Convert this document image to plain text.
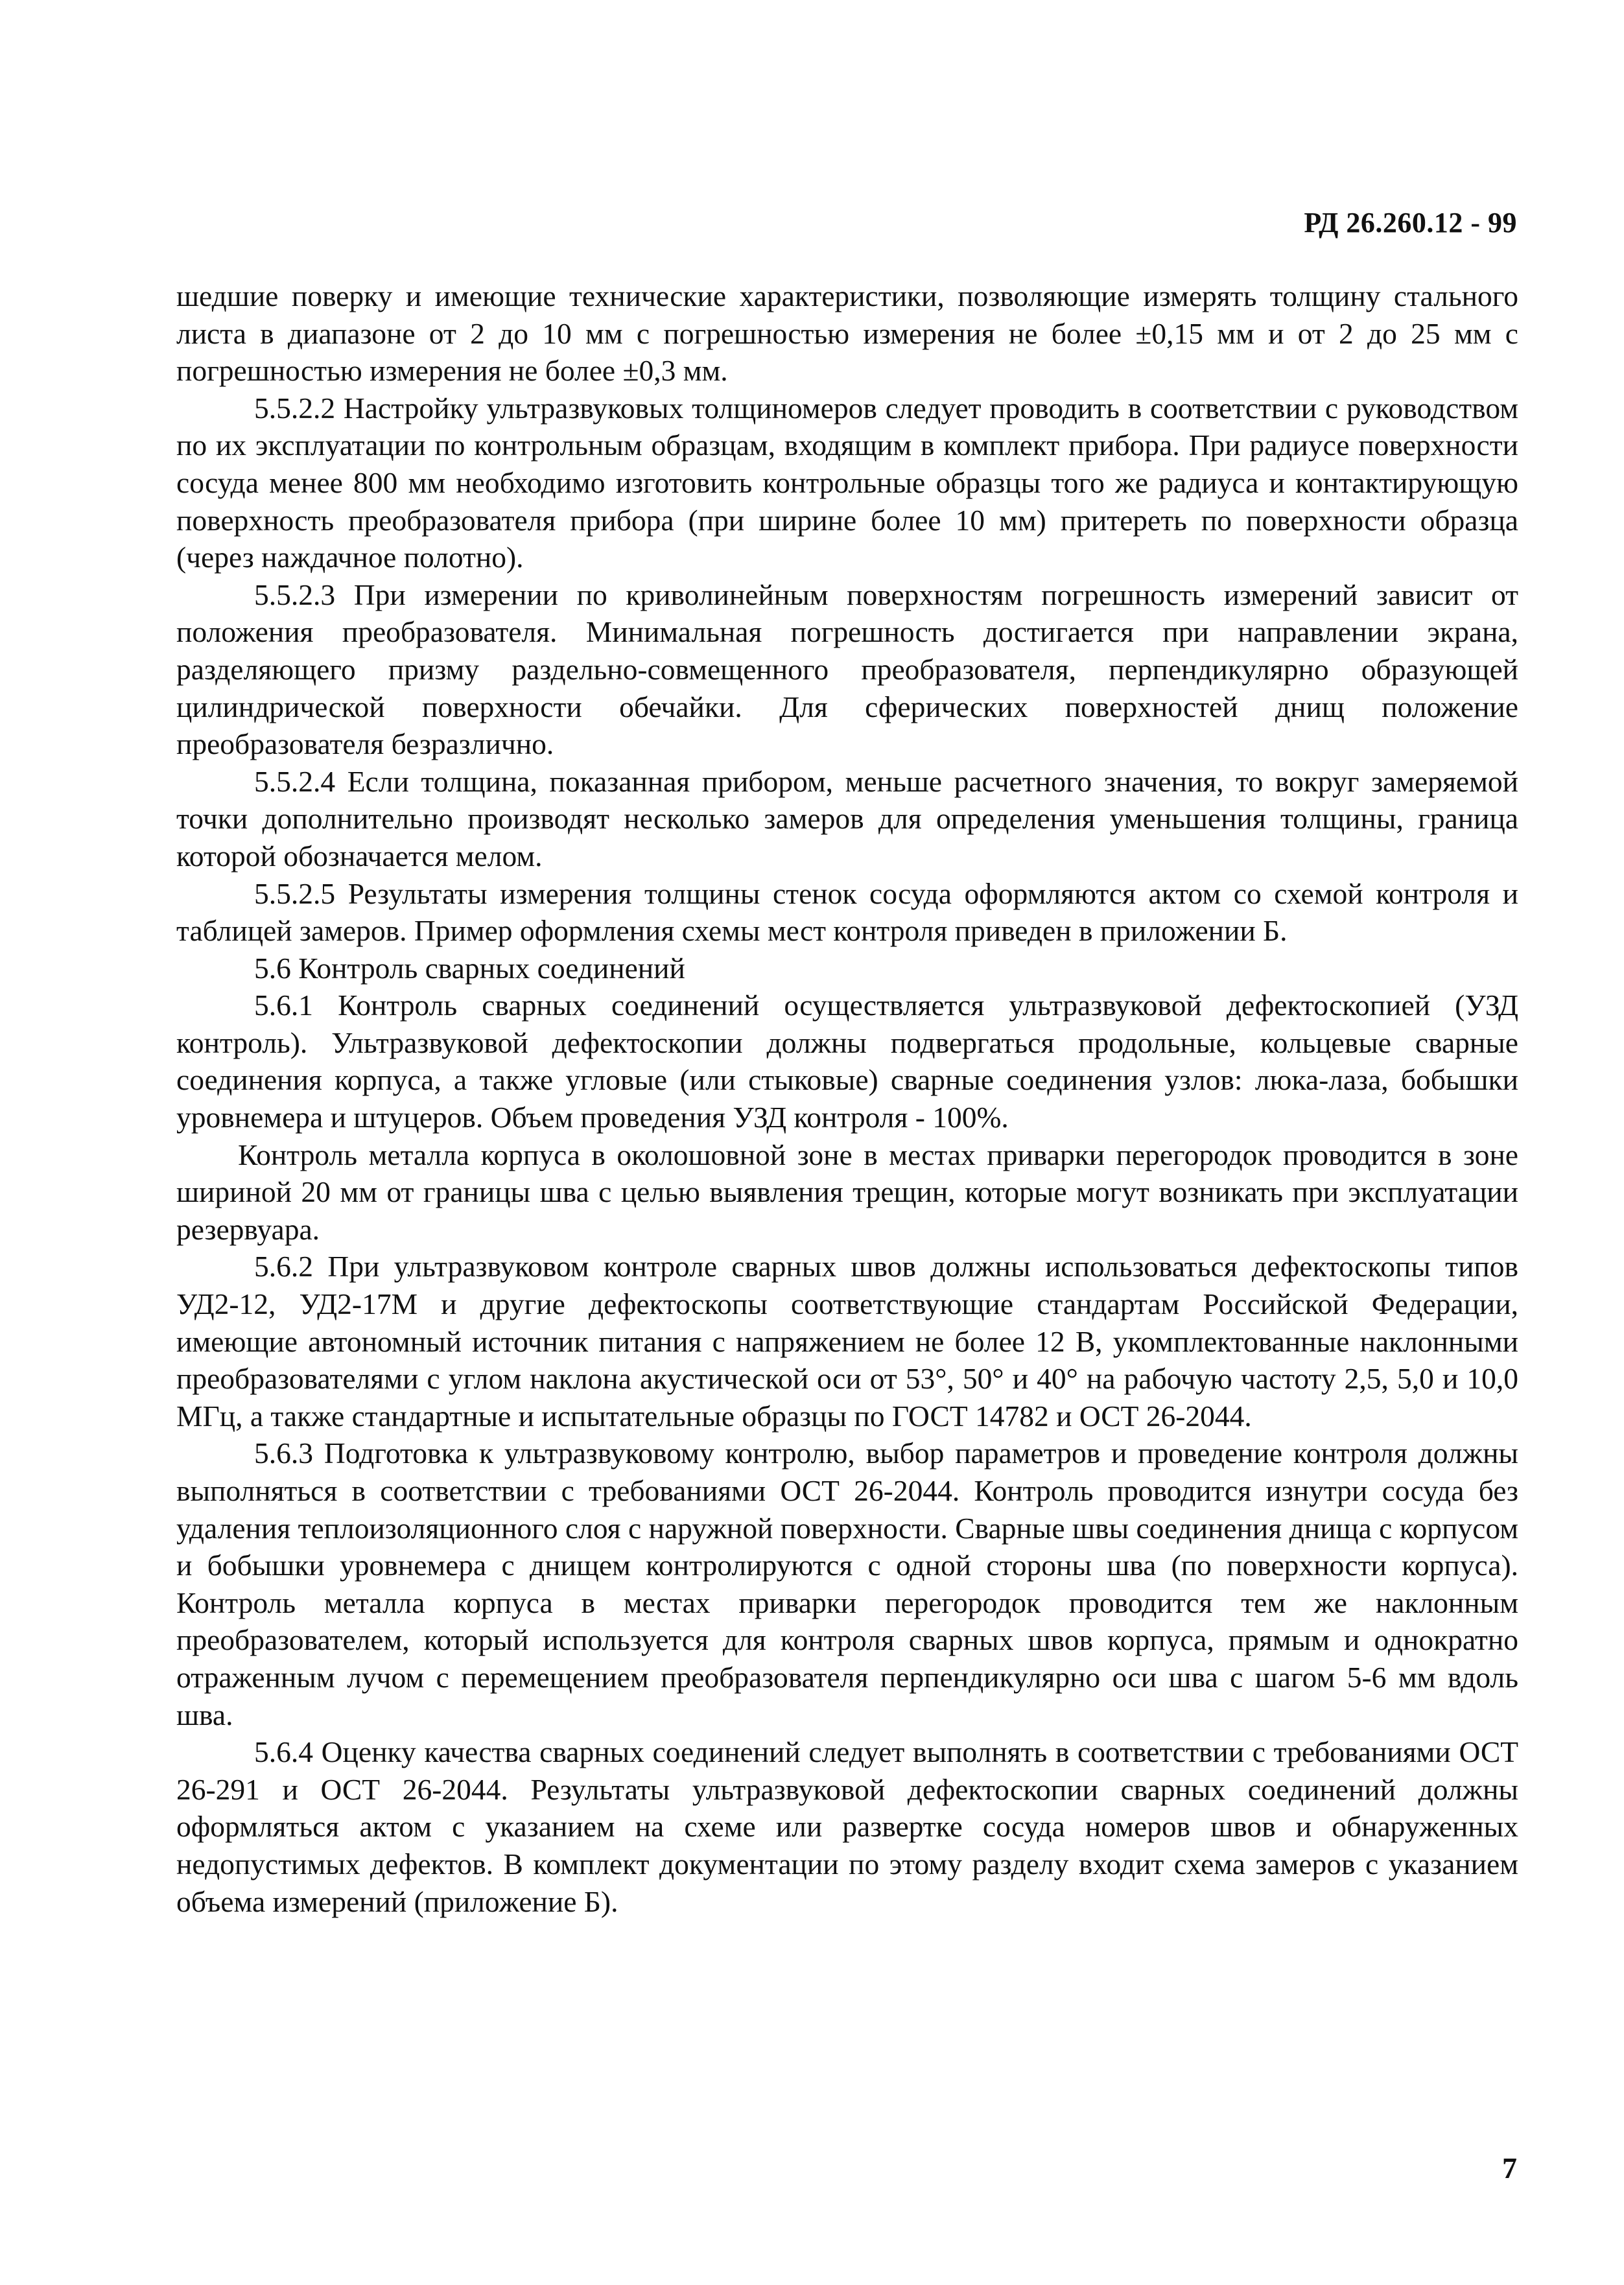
РД 26.260.12 - 99

шедшие поверку и имеющие технические характеристики, позволяющие измерять толщину стального листа в диапазоне от 2 до 10 мм с погрешностью измерения не более ±0,15 мм и от 2 до 25 мм с погрешностью измерения не более ±0,3 мм.

5.5.2.2 Настройку ультразвуковых толщиномеров следует проводить в соответствии с руководством по их эксплуатации по контрольным образцам, входящим в комплект прибора. При радиусе поверхности сосуда менее 800 мм необходимо изготовить контрольные образцы того же радиуса и контактирующую поверхность преобразователя прибора (при ширине более 10 мм) притереть по поверхности образца (через наждачное полотно).

5.5.2.3 При измерении по криволинейным поверхностям погрешность измерений зависит от положения преобразователя. Минимальная погрешность достигается при направлении экрана, разделяющего призму раздельно-совмещенного преобразователя, перпендикулярно образующей цилиндрической поверхности обечайки. Для сферических поверхностей днищ положение преобразователя безразлично.

5.5.2.4 Если толщина, показанная прибором, меньше расчетного значения, то вокруг замеряемой точки дополнительно производят несколько замеров для определения уменьшения толщины, граница которой обозначается мелом.

5.5.2.5 Результаты измерения толщины стенок сосуда оформляются актом со схемой контроля и таблицей замеров. Пример оформления схемы мест контроля приведен в приложении Б.

5.6 Контроль сварных соединений

5.6.1 Контроль сварных соединений осуществляется ультразвуковой дефектоскопией (УЗД контроль). Ультразвуковой дефектоскопии должны подвергаться продольные, кольцевые сварные соединения корпуса, а также угловые (или стыковые) сварные соединения узлов: люка-лаза, бобышки уровнемера и штуцеров. Объем проведения УЗД контроля - 100%.

Контроль металла корпуса в околошовной зоне в местах приварки перегородок проводится в зоне шириной 20 мм от границы шва с целью выявления трещин, которые могут возникать при эксплуатации резервуара.

5.6.2 При ультразвуковом контроле сварных швов должны использоваться дефектоскопы типов УД2-12, УД2-17М и другие дефектоскопы соответствующие стандартам Российской Федерации, имеющие автономный источник питания с напряжением не более 12 В, укомплектованные наклонными преобразователями с углом наклона акустической оси от 53°, 50° и 40° на рабочую частоту 2,5, 5,0 и 10,0 МГц, а также стандартные и испытательные образцы по ГОСТ 14782 и ОСТ 26-2044.

5.6.3 Подготовка к ультразвуковому контролю, выбор параметров и проведение контроля должны выполняться в соответствии с требованиями ОСТ 26-2044. Контроль проводится изнутри сосуда без удаления теплоизоляционного слоя с наружной поверхности. Сварные швы соединения днища с корпусом и бобышки уровнемера с днищем контролируются с одной стороны шва (по поверхности корпуса). Контроль металла корпуса в местах приварки перегородок проводится тем же наклонным преобразователем, который используется для контроля сварных швов корпуса, прямым и однократно отраженным лучом с перемещением преобразователя перпендикулярно оси шва с шагом 5-6 мм вдоль шва.

5.6.4 Оценку качества сварных соединений следует выполнять в соответствии с требованиями ОСТ 26-291 и ОСТ 26-2044. Результаты ультразвуковой дефектоскопии сварных соединений должны оформляться актом с указанием на схеме или развертке сосуда номеров швов и обнаруженных недопустимых дефектов. В комплект документации по этому разделу входит схема замеров с указанием объема измерений (приложение Б).

7
